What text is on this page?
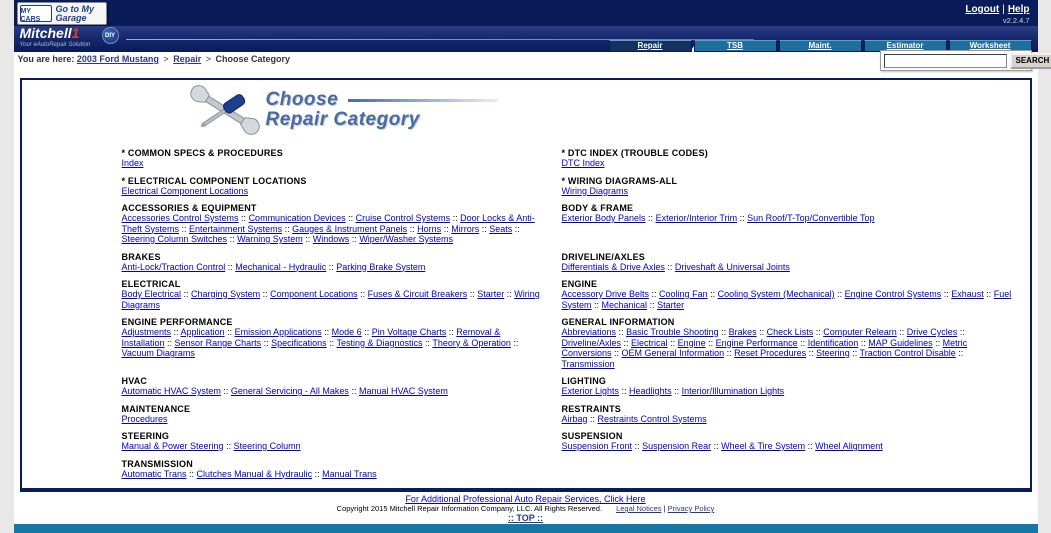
Logout | Help
v2.2.4.7
· · · ·
MY CARS
Go to My Garage
Mitchell1
Your eAutoRepair Solution
DIY
Repair	TSB	Maint.	Estimator	Worksheet
You are here: 2003 Ford Mustang > Repair > Choose Category	SEARCH
Choose
Repair Category
* COMMON SPECS & PROCEDURES
Index
* DTC INDEX (TROUBLE CODES)
DTC Index
* ELECTRICAL COMPONENT LOCATIONS
Electrical Component Locations
* WIRING DIAGRAMS-ALL
Wiring Diagrams
ACCESSORIES & EQUIPMENT
Accessories Control Systems :: Communication Devices :: Cruise Control Systems :: Door Locks & Anti-Theft Systems :: Entertainment Systems :: Gauges & Instrument Panels :: Horns :: Mirrors :: Seats :: Steering Column Switches :: Warning System :: Windows :: Wiper/Washer Systems
BODY & FRAME
Exterior Body Panels :: Exterior/Interior Trim :: Sun Roof/T-Top/Convertible Top
BRAKES
Anti-Lock/Traction Control :: Mechanical - Hydraulic :: Parking Brake System
DRIVELINE/AXLES
Differentials & Drive Axles :: Driveshaft & Universal Joints
ELECTRICAL
Body Electrical :: Charging System :: Component Locations :: Fuses & Circuit Breakers :: Starter :: Wiring Diagrams
ENGINE
Accessory Drive Belts :: Cooling Fan :: Cooling System (Mechanical) :: Engine Control Systems :: Exhaust :: Fuel System :: Mechanical :: Starter
ENGINE PERFORMANCE
Adjustments :: Application :: Emission Applications :: Mode 6 :: Pin Voltage Charts :: Removal & Installation :: Sensor Range Charts :: Specifications :: Testing & Diagnostics :: Theory & Operation :: Vacuum Diagrams
GENERAL INFORMATION
Abbreviations :: Basic Trouble Shooting :: Brakes :: Check Lists :: Computer Relearn :: Drive Cycles :: Driveline/Axles :: Electrical :: Engine :: Engine Performance :: Identification :: MAP Guidelines :: Metric Conversions :: OEM General Information :: Reset Procedures :: Steering :: Traction Control Disable :: Transmission
HVAC
Automatic HVAC System :: General Servicing - All Makes :: Manual HVAC System
LIGHTING
Exterior Lights :: Headlights :: Interior/Illumination Lights
MAINTENANCE
Procedures
RESTRAINTS
Airbag :: Restraints Control Systems
STEERING
Manual & Power Steering :: Steering Column
SUSPENSION
Suspension Front :: Suspension Rear :: Wheel & Tire System :: Wheel Alignment
TRANSMISSION
Automatic Trans :: Clutches Manual & Hydraulic :: Manual Trans
For Additional Professional Auto Repair Services, Click Here
Copyright 2015 Mitchell Repair Information Company, LLC. All Rights Reserved. Legal Notices | Privacy Policy
:: TOP ::
